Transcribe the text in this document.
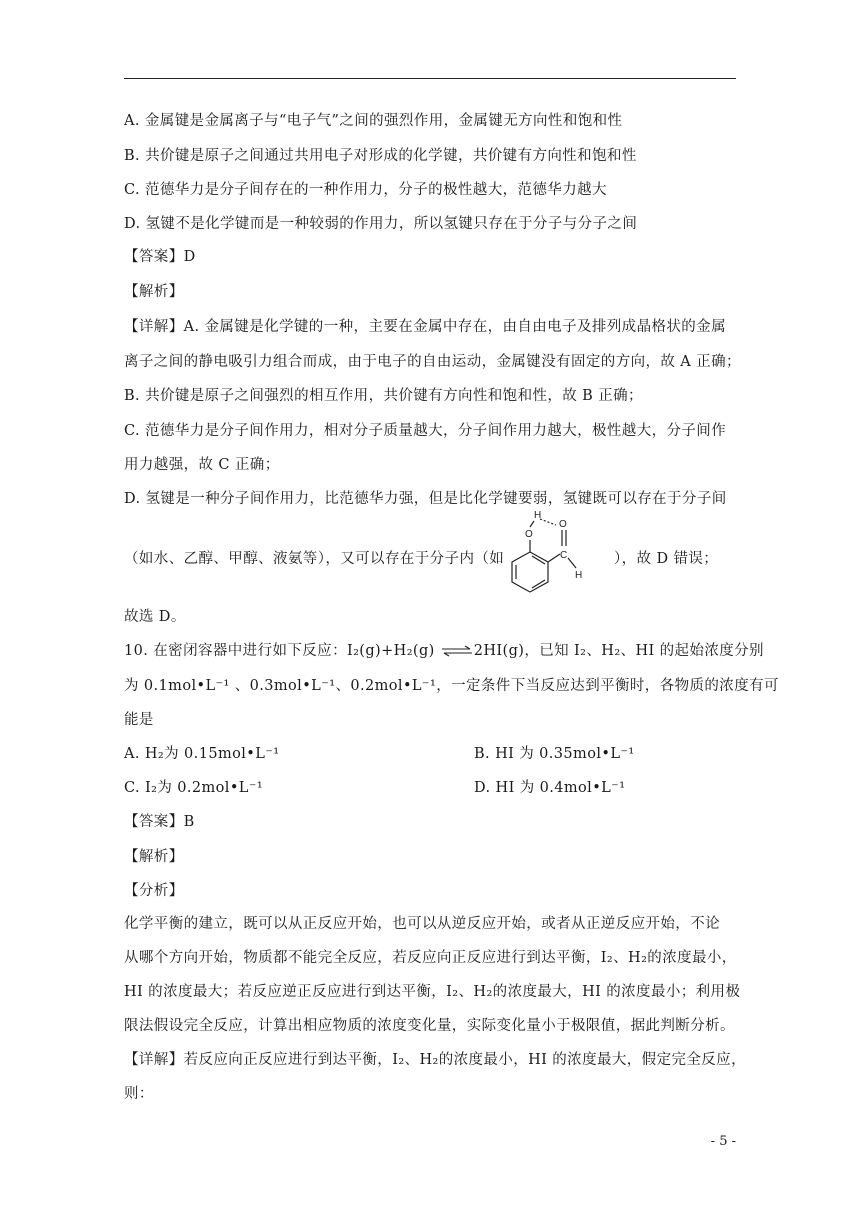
A. 金属键是金属离子与“电子气”之间的强烈作用，金属键无方向性和饱和性
B. 共价键是原子之间通过共用电子对形成的化学键，共价键有方向性和饱和性
C. 范德华力是分子间存在的一种作用力，分子的极性越大，范德华力越大
D. 氢键不是化学键而是一种较弱的作用力，所以氢键只存在于分子与分子之间
【答案】D
【解析】
【详解】A. 金属键是化学键的一种，主要在金属中存在，由自由电子及排列成晶格状的金属
离子之间的静电吸引力组合而成，由于电子的自由运动，金属键没有固定的方向，故 A 正确；
B. 共价键是原子之间强烈的相互作用，共价键有方向性和饱和性，故 B 正确；
C. 范德华力是分子间作用力，相对分子质量越大，分子间作用力越大，极性越大，分子间作
用力越强，故 C 正确；
D. 氢键是一种分子间作用力，比范德华力强，但是比化学键要弱，氢键既可以存在于分子间
（如水、乙醇、甲醇、液氨等），又可以存在于分子内（如	），故 D 错误；
H
O
C
O
H
故选 D。
10. 在密闭容器中进行如下反应：I₂(g)+H₂(g) ⇌2HI(g)，已知 I₂、H₂、HI 的起始浓度分别
为 0.1mol•L⁻¹ 、0.3mol•L⁻¹、0.2mol•L⁻¹，一定条件下当反应达到平衡时，各物质的浓度有可
能是
A. H₂为 0.15mol•L⁻¹	B. HI 为 0.35mol•L⁻¹
C. I₂为 0.2mol•L⁻¹	D. HI 为 0.4mol•L⁻¹
【答案】B
【解析】
【分析】
化学平衡的建立，既可以从正反应开始，也可以从逆反应开始，或者从正逆反应开始，不论
从哪个方向开始，物质都不能完全反应，若反应向正反应进行到达平衡，I₂、H₂的浓度最小，
HI 的浓度最大；若反应逆正反应进行到达平衡，I₂、H₂的浓度最大，HI 的浓度最小；利用极
限法假设完全反应，计算出相应物质的浓度变化量，实际变化量小于极限值，据此判断分析。
【详解】若反应向正反应进行到达平衡，I₂、H₂的浓度最小，HI 的浓度最大，假定完全反应，
则：
- 5 -
